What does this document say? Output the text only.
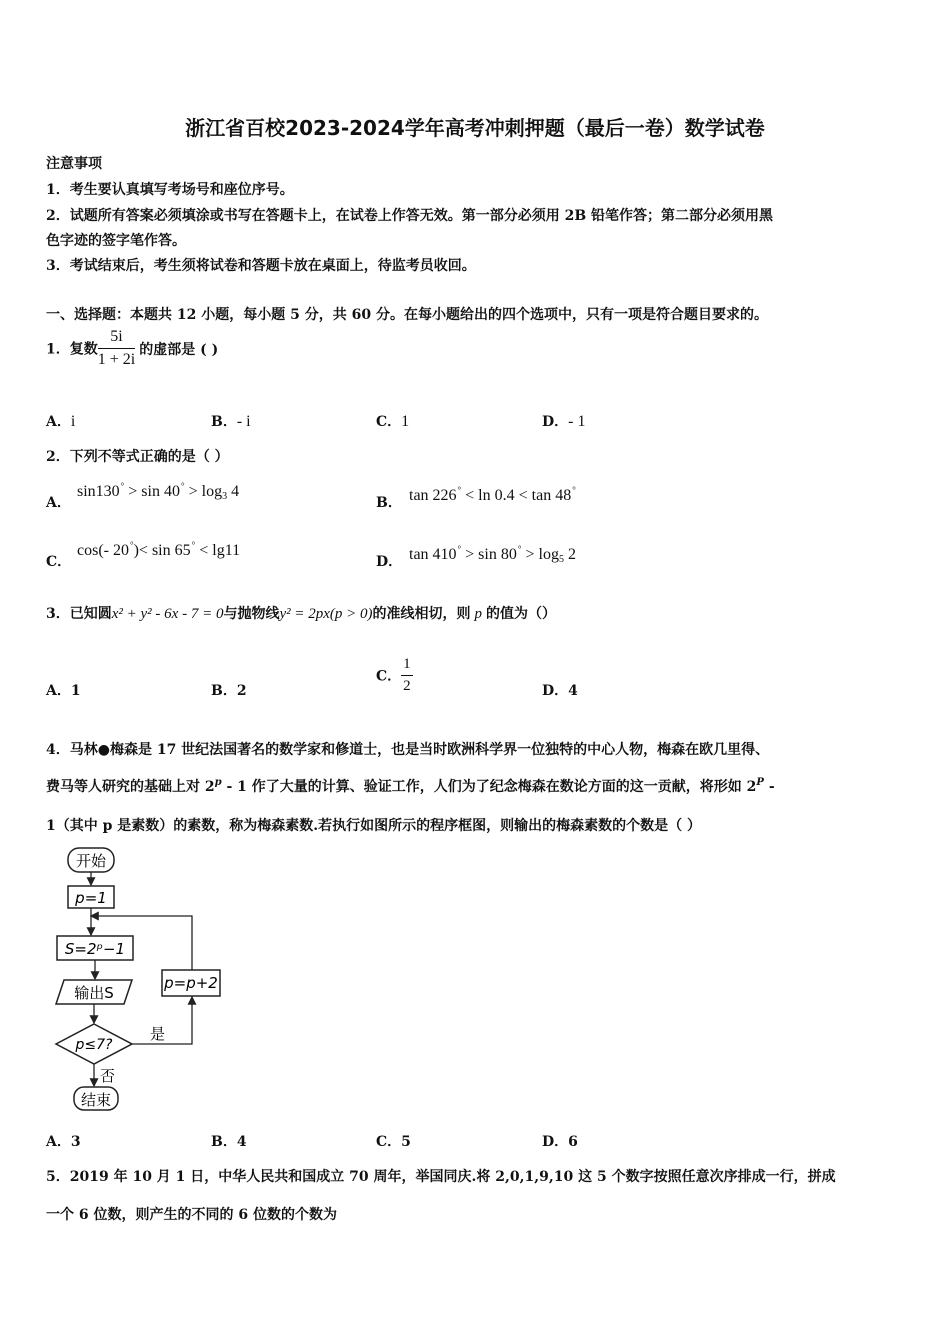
浙江省百校2023-2024学年高考冲刺押题（最后一卷）数学试卷
注意事项
1．考生要认真填写考场号和座位序号。
2．试题所有答案必须填涂或书写在答题卡上，在试卷上作答无效。第一部分必须用 2B 铅笔作答；第二部分必须用黑
色字迹的签字笔作答。
3．考试结束后，考生须将试卷和答题卡放在桌面上，待监考员收回。
一、选择题：本题共 12 小题，每小题 5 分，共 60 分。在每小题给出的四个选项中，只有一项是符合题目要求的。
1．复数 $\frac{5i}{1 + 2i}$ 的虚部是 ( )
A．i	B．- i	C．1	D．- 1
2．下列不等式正确的是（ ）
A．
$\sin 130^\circ > \sin 40^\circ > \log_3 4$
B． tan 226° < ln 0.4 < tan 48°
C．
cos(- 20°)< sin 65° < lg11
D． $\tan 410^\circ > \sin 80^\circ > \log_5 2$
3．已知圆x² + y² - 6x - 7 = 0与抛物线y² = 2px(p > 0)的准线相切，则 p 的值为（）
A．1	B．2
C． $\frac{1}{2}$	D．4
4．马林●梅森是 17 世纪法国著名的数学家和修道士，也是当时欧洲科学界一位独特的中心人物，梅森在欧几里得、
费马等人研究的基础上对 2$^p$ - 1 作了大量的计算、验证工作，人们为了纪念梅森在数论方面的这一贡献，将形如 $2^P$ -
1（其中 p 是素数）的素数，称为梅森素数.若执行如图所示的程序框图，则输出的梅森素数的个数是（ ）
开始
p=1
S=2ᵖ−1
输出S
p≤7?
是
p=p+2
否
结束
A．3	B．4	C．5	D．6
5．2019 年 10 月 1 日，中华人民共和国成立 70 周年，举国同庆.将 2,0,1,9,10 这 5 个数字按照任意次序排成一行，拼成
一个 6 位数，则产生的不同的 6 位数的个数为
